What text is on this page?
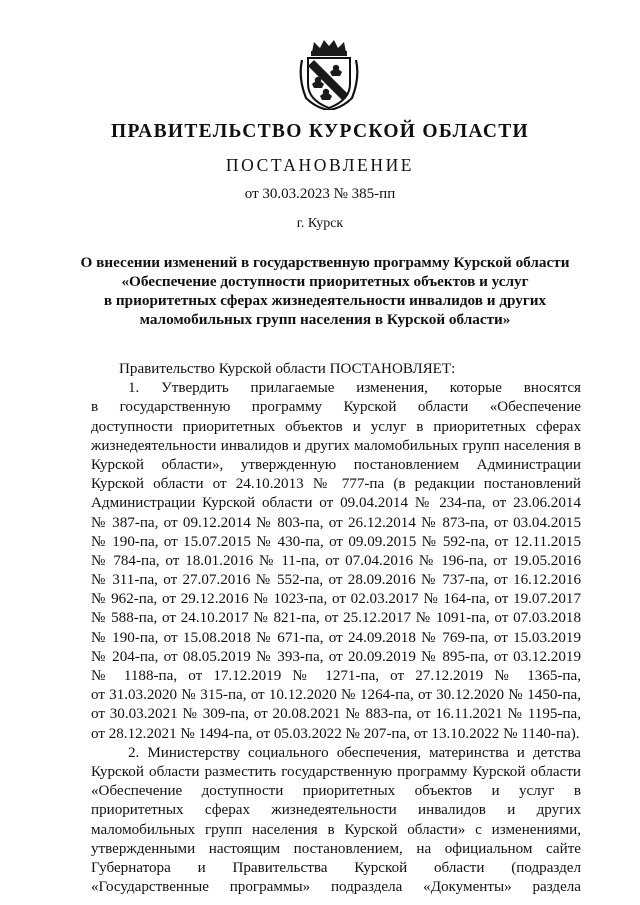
ПРАВИТЕЛЬСТВО КУРСКОЙ ОБЛАСТИ
ПОСТАНОВЛЕНИЕ
от 30.03.2023 № 385-пп
г. Курск
О внесении изменений в государственную программу Курской области
«Обеспечение доступности приоритетных объектов и услуг
в приоритетных сферах жизнедеятельности инвалидов и других
маломобильных групп населения в Курской области»
Правительство Курской области ПОСТАНОВЛЯЕТ:
1. Утвердить прилагаемые изменения, которые вносятся
в государственную программу Курской области «Обеспечение
доступности приоритетных объектов и услуг в приоритетных сферах
жизнедеятельности инвалидов и других маломобильных групп населения в
Курской области», утвержденную постановлением Администрации
Курской области от 24.10.2013 № 777-па (в редакции постановлений
Администрации Курской области от 09.04.2014 № 234-па, от 23.06.2014
№ 387-па, от 09.12.2014 № 803-па, от 26.12.2014 № 873-па, от 03.04.2015
№ 190-па, от 15.07.2015 № 430-па, от 09.09.2015 № 592-па, от 12.11.2015
№ 784-па, от 18.01.2016 № 11-па, от 07.04.2016 № 196-па, от 19.05.2016
№ 311-па, от 27.07.2016 № 552-па, от 28.09.2016 № 737-па, от 16.12.2016
№ 962-па, от 29.12.2016 № 1023-па, от 02.03.2017 № 164-па, от 19.07.2017
№ 588-па, от 24.10.2017 № 821-па, от 25.12.2017 № 1091-па, от 07.03.2018
№ 190-па, от 15.08.2018 № 671-па, от 24.09.2018 № 769-па, от 15.03.2019
№ 204-па, от 08.05.2019 № 393-па, от 20.09.2019 № 895-па, от 03.12.2019
№ 1188-па, от 17.12.2019 № 1271-па, от 27.12.2019 № 1365-па,
от 31.03.2020 № 315-па, от 10.12.2020 № 1264-па, от 30.12.2020 № 1450-па,
от 30.03.2021 № 309-па, от 20.08.2021 № 883-па, от 16.11.2021 № 1195-па,
от 28.12.2021 № 1494-па, от 05.03.2022 № 207-па, от 13.10.2022 № 1140-па).
2. Министерству социального обеспечения, материнства и детства
Курской области разместить государственную программу Курской области
«Обеспечение доступности приоритетных объектов и услуг в
приоритетных сферах жизнедеятельности инвалидов и других
маломобильных групп населения в Курской области» с изменениями,
утвержденными настоящим постановлением, на официальном сайте
Губернатора и Правительства Курской области (подраздел
«Государственные программы» подраздела «Документы» раздела
